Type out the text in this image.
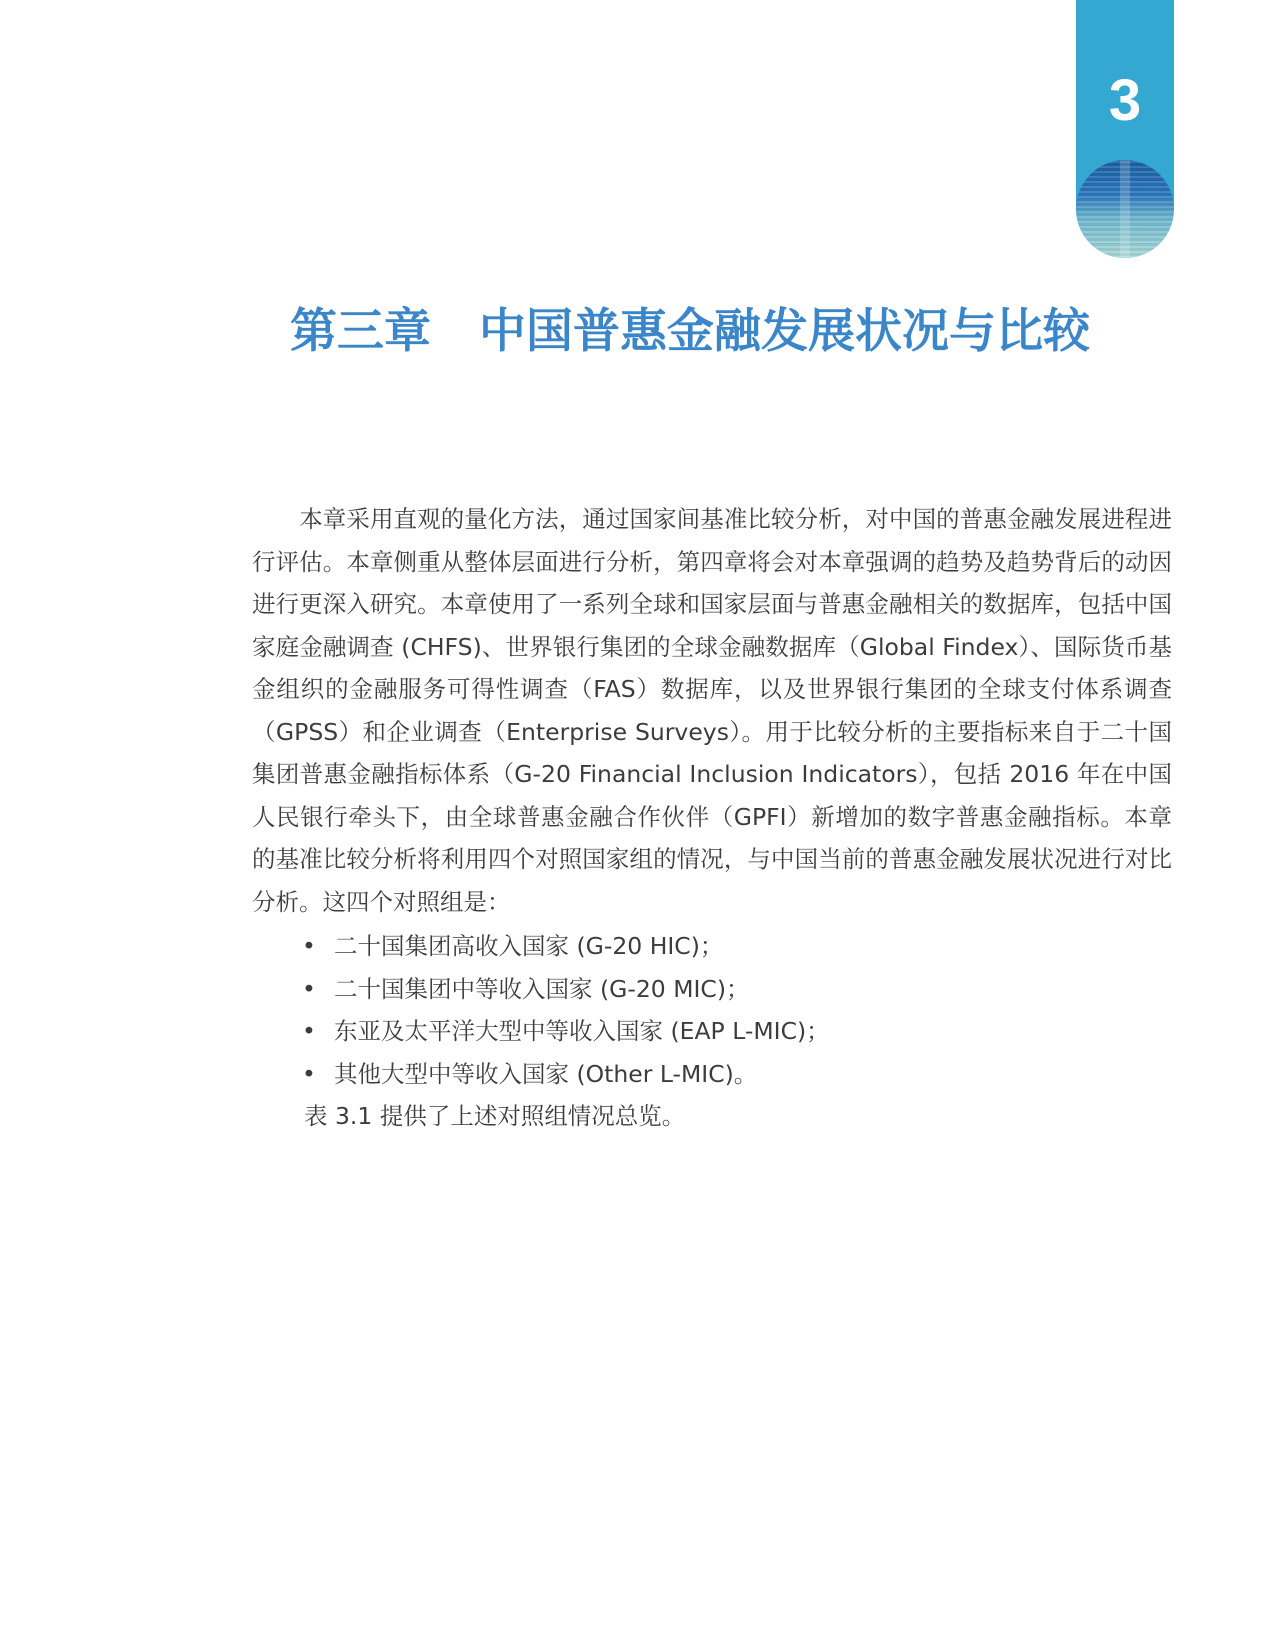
3
第三章 中国普惠金融发展状况与比较

　　本章采用直观的量化方法，通过国家间基准比较分析，对中国的普惠金融发展进程进行评估。本章侧重从整体层面进行分析，第四章将会对本章强调的趋势及趋势背后的动因进行更深入研究。本章使用了一系列全球和国家层面与普惠金融相关的数据库，包括中国家庭金融调查 (CHFS)、世界银行集团的全球金融数据库（Global Findex）、国际货币基金组织的金融服务可得性调查（FAS）数据库，以及世界银行集团的全球支付体系调查（GPSS）和企业调查（Enterprise Surveys）。用于比较分析的主要指标来自于二十国集团普惠金融指标体系（G-20 Financial Inclusion Indicators），包括 2016 年在中国人民银行牵头下，由全球普惠金融合作伙伴（GPFI）新增加的数字普惠金融指标。本章的基准比较分析将利用四个对照国家组的情况，与中国当前的普惠金融发展状况进行对比分析。这四个对照组是：

• 二十国集团高收入国家 (G-20 HIC)；
• 二十国集团中等收入国家 (G-20 MIC)；
• 东亚及太平洋大型中等收入国家 (EAP L-MIC)；
• 其他大型中等收入国家 (Other L-MIC)。

表 3.1 提供了上述对照组情况总览。
